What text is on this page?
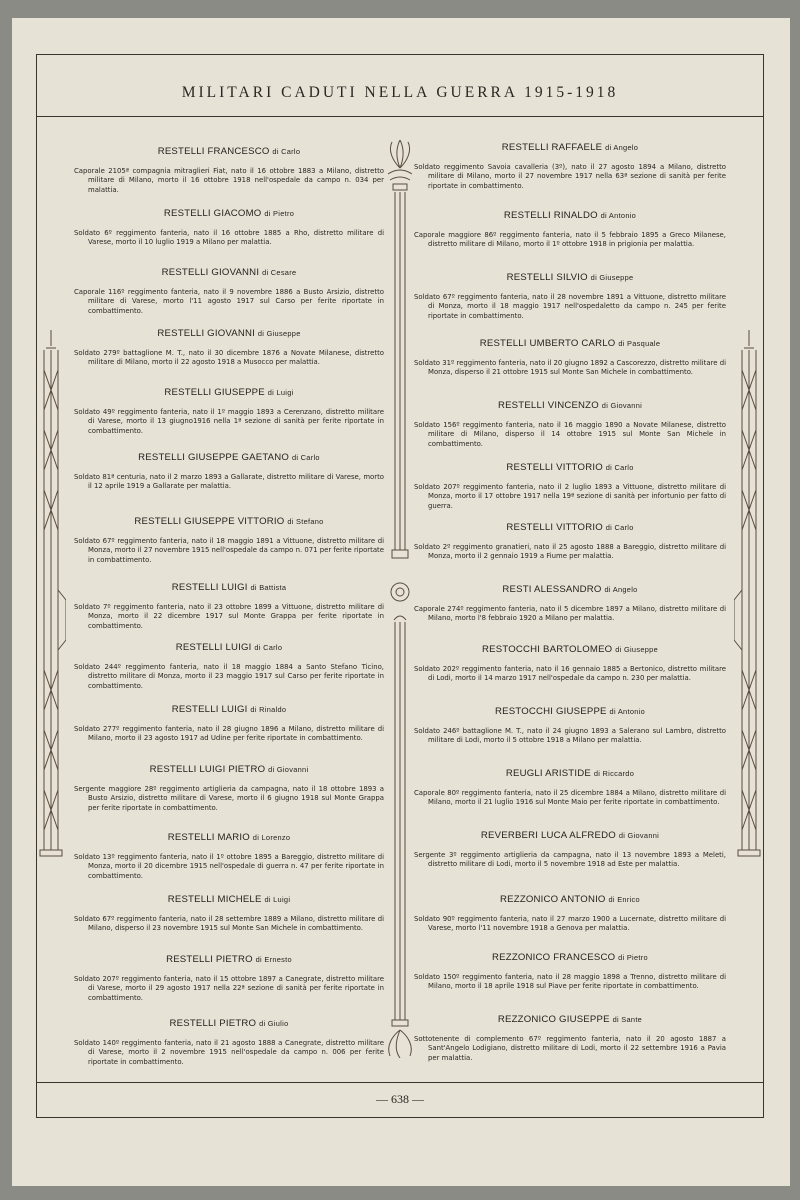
MILITARI CADUTI NELLA GUERRA 1915-1918
RESTELLI FRANCESCO di Carlo

Caporale 2105ª compagnia mitraglieri Fiat, nato il 16 ottobre 1883 a Milano, distretto militare di Milano, morto il 16 ottobre 1918 nell'ospedale da campo n. 034 per malattia.

RESTELLI GIACOMO di Pietro

Soldato 6º reggimento fanteria, nato il 16 ottobre 1885 a Rho, distretto militare di Varese, morto il 10 luglio 1919 a Milano per malattia.

RESTELLI GIOVANNI di Cesare

Caporale 116º reggimento fanteria, nato il 9 novembre 1886 a Busto Arsizio, distretto militare di Varese, morto l'11 agosto 1917 sul Carso per ferite riportate in combattimento.

RESTELLI GIOVANNI di Giuseppe

Soldato 279º battaglione M. T., nato il 30 dicembre 1876 a Novate Milanese, distretto militare di Milano, morto il 22 agosto 1918 a Musocco per malattia.

RESTELLI GIUSEPPE di Luigi

Soldato 49º reggimento fanteria, nato il 1º maggio 1893 a Cerenzano, distretto militare di Varese, morto il 13 giugno1916 nella 1ª sezione di sanità per ferite riportate in combattimento.

RESTELLI GIUSEPPE GAETANO di Carlo

Soldato 81ª centuria, nato il 2 marzo 1893 a Gallarate, distretto militare di Varese, morto il 12 aprile 1919 a Gallarate per malattia.

RESTELLI GIUSEPPE VITTORIO di Stefano

Soldato 67º reggimento fanteria, nato il 18 maggio 1891 a Vittuone, distretto militare di Monza, morto il 27 novembre 1915 nell'ospedale da campo n. 071 per ferite riportate in combattimento.

RESTELLI LUIGI di Battista

Soldato 7º reggimento fanteria, nato il 23 ottobre 1899 a Vittuone, distretto militare di Monza, morto il 22 dicembre 1917 sul Monte Grappa per ferite riportate in combattimento.

RESTELLI LUIGI di Carlo

Soldato 244º reggimento fanteria, nato il 18 maggio 1884 a Santo Stefano Ticino, distretto militare di Monza, morto il 23 maggio 1917 sul Carso per ferite riportate in combattimento.

RESTELLI LUIGI di Rinaldo

Soldato 277º reggimento fanteria, nato il 28 giugno 1896 a Milano, distretto militare di Milano, morto il 23 agosto 1917 ad Udine per ferite riportate in combattimento.

RESTELLI LUIGI PIETRO di Giovanni

Sergente maggiore 28º reggimento artiglieria da campagna, nato il 18 ottobre 1893 a Busto Arsizio, distretto militare di Varese, morto il 6 giugno 1918 sul Monte Grappa per ferite riportate in combattimento.

RESTELLI MARIO di Lorenzo

Soldato 13º reggimento fanteria, nato il 1º ottobre 1895 a Bareggio, distretto militare di Monza, morto il 20 dicembre 1915 nell'ospedale di guerra n. 47 per ferite riportate in combattimento.

RESTELLI MICHELE di Luigi

Soldato 67º reggimento fanteria, nato il 28 settembre 1889 a Milano, distretto militare di Milano, disperso il 23 novembre 1915 sul Monte San Michele in combattimento.

RESTELLI PIETRO di Ernesto

Soldato 207º reggimento fanteria, nato il 15 ottobre 1897 a Canegrate, distretto militare di Varese, morto il 29 agosto 1917 nella 22ª sezione di sanità per ferite riportate in combattimento.

RESTELLI PIETRO di Giulio

Soldato 140º reggimento fanteria, nato il 21 agosto 1888 a Canegrate, distretto militare di Varese, morto il 2 novembre 1915 nell'ospedale da campo n. 006 per ferite riportate in combattimento.

RESTELLI RAFFAELE di Angelo

Soldato reggimento Savoia cavalleria (3º), nato il 27 agosto 1894 a Milano, distretto militare di Milano, morto il 27 novembre 1917 nella 63ª sezione di sanità per ferite riportate in combattimento.

RESTELLI RINALDO di Antonio

Caporale maggiore 86º reggimento fanteria, nato il 5 febbraio 1895 a Greco Milanese, distretto militare di Milano, morto il 1º ottobre 1918 in prigionia per malattia.

RESTELLI SILVIO di Giuseppe

Soldato 67º reggimento fanteria, nato il 28 novembre 1891 a Vittuone, distretto militare di Monza, morto il 18 maggio 1917 nell'ospedaletto da campo n. 245 per ferite riportate in combattimento.

RESTELLI UMBERTO CARLO di Pasquale

Soldato 31º reggimento fanteria, nato il 20 giugno 1892 a Cascorezzo, distretto militare di Monza, disperso il 21 ottobre 1915 sul Monte San Michele in combattimento.

RESTELLI VINCENZO di Giovanni

Soldato 156º reggimento fanteria, nato il 16 maggio 1890 a Novate Milanese, distretto militare di Milano, disperso il 14 ottobre 1915 sul Monte San Michele in combattimento.

RESTELLI VITTORIO di Carlo

Soldato 207º reggimento fanteria, nato il 2 luglio 1893 a Vittuone, distretto militare di Monza, morto il 17 ottobre 1917 nella 19ª sezione di sanità per infortunio per fatto di guerra.

RESTELLI VITTORIO di Carlo

Soldato 2º reggimento granatieri, nato il 25 agosto 1888 a Bareggio, distretto militare di Monza, morto il 2 gennaio 1919 a Fiume per malattia.

RESTI ALESSANDRO di Angelo

Caporale 274º reggimento fanteria, nato il 5 dicembre 1897 a Milano, distretto militare di Milano, morto l'8 febbraio 1920 a Milano per malattia.

RESTOCCHI BARTOLOMEO di Giuseppe

Soldato 202º reggimento fanteria, nato il 16 gennaio 1885 a Bertonico, distretto militare di Lodi, morto il 14 marzo 1917 nell'ospedale da campo n. 230 per malattia.

RESTOCCHI GIUSEPPE di Antonio

Soldato 246º battaglione M. T., nato il 24 giugno 1893 a Salerano sul Lambro, distretto militare di Lodi, morto il 5 ottobre 1918 a Milano per malattia.

REUGLI ARISTIDE di Riccardo

Caporale 80º reggimento fanteria, nato il 25 dicembre 1884 a Milano, distretto militare di Milano, morto il 21 luglio 1916 sul Monte Maio per ferite riportate in combattimento.

REVERBERI LUCA ALFREDO di Giovanni

Sergente 3º reggimento artiglieria da campagna, nato il 13 novembre 1893 a Meleti, distretto militare di Lodi, morto il 5 novembre 1918 ad Este per malattia.

REZZONICO ANTONIO di Enrico

Soldato 90º reggimento fanteria, nato il 27 marzo 1900 a Lucernate, distretto militare di Varese, morto l'11 novembre 1918 a Genova per malattia.

REZZONICO FRANCESCO di Pietro

Soldato 150º reggimento fanteria, nato il 28 maggio 1898 a Trenno, distretto militare di Milano, morto il 18 aprile 1918 sul Piave per ferite riportate in combattimento.

REZZONICO GIUSEPPE di Sante

Sottotenente di complemento 67º reggimento fanteria, nato il 20 agosto 1887 a Sant'Angelo Lodigiano, distretto militare di Lodi, morto il 22 settembre 1916 a Pavia per malattia.

— 638 —
